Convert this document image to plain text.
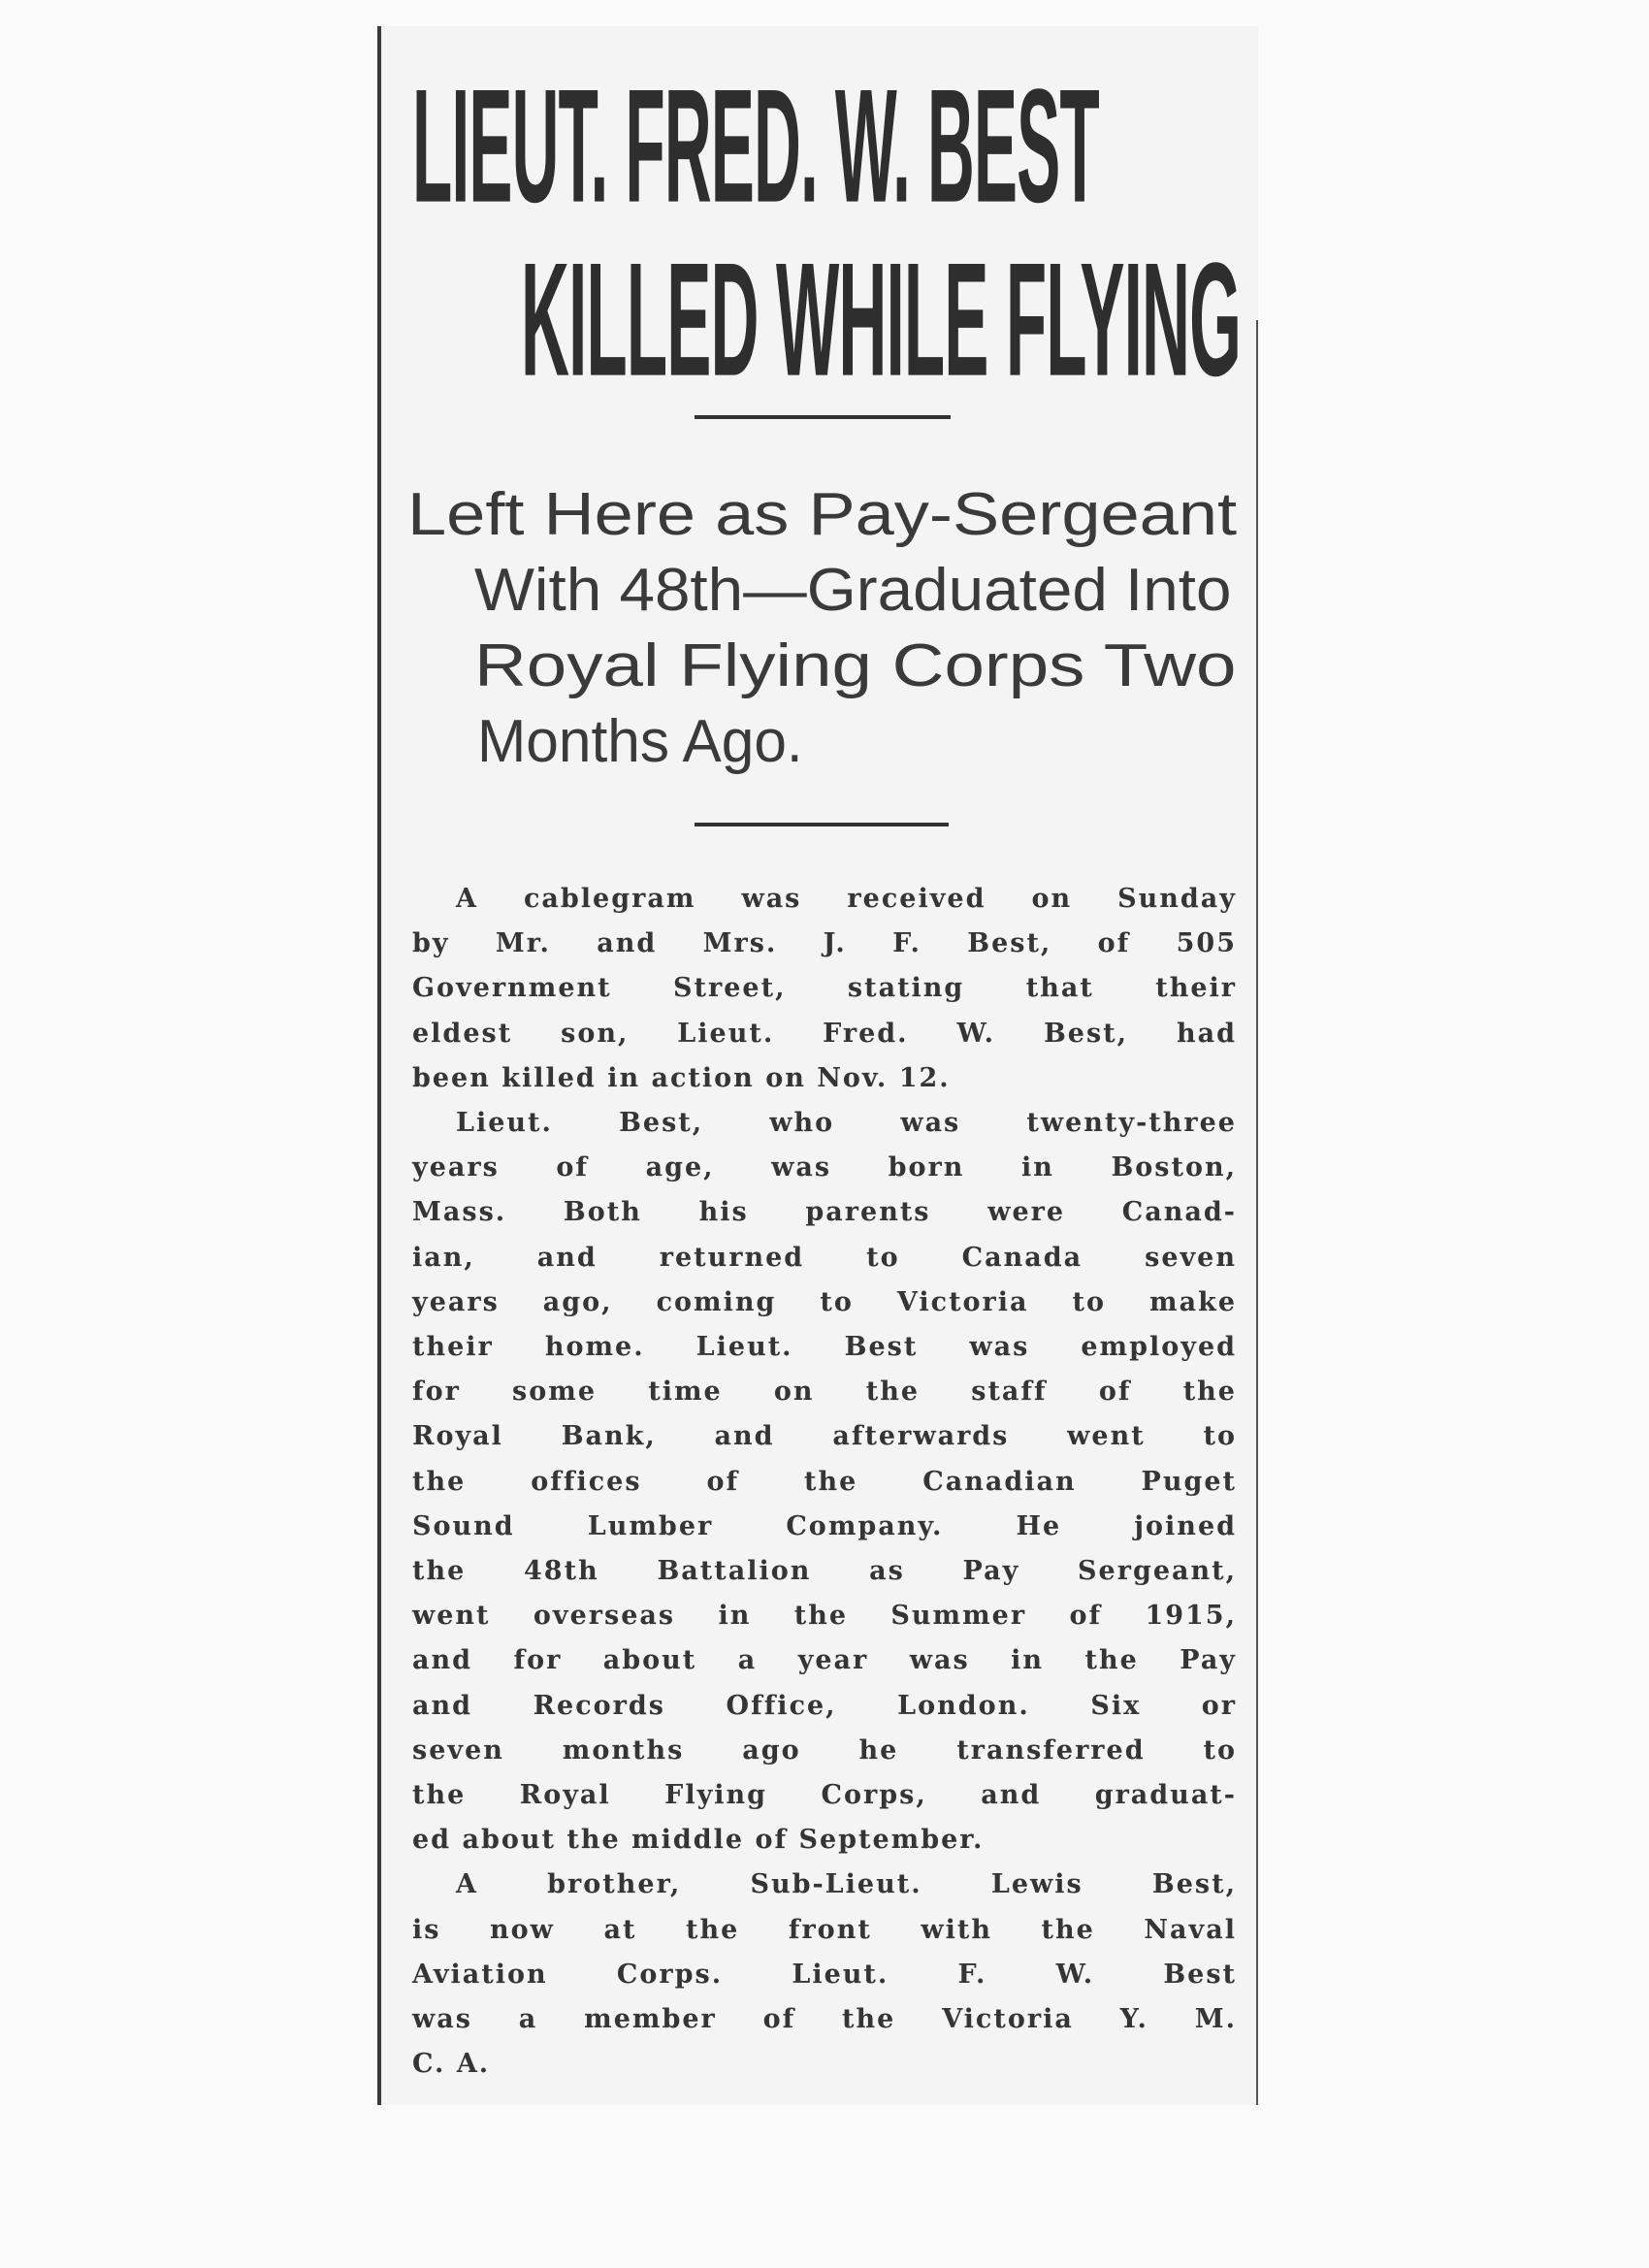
LIEUT. FRED. W. BEST
KILLED WHILE FLYING
Left Here as Pay-Sergeant
With 48th—Graduated Into
Royal Flying Corps Two
Months Ago.
A cablegram was received on Sunday
by Mr. and Mrs. J. F. Best, of 505
Government Street, stating that their
eldest son, Lieut. Fred. W. Best, had
been killed in action on Nov. 12.
Lieut. Best, who was twenty-three
years of age, was born in Boston,
Mass. Both his parents were Canad-
ian, and returned to Canada seven
years ago, coming to Victoria to make
their home. Lieut. Best was employed
for some time on the staff of the
Royal Bank, and afterwards went to
the offices of the Canadian Puget
Sound Lumber Company. He joined
the 48th Battalion as Pay Sergeant,
went overseas in the Summer of 1915,
and for about a year was in the Pay
and Records Office, London. Six or
seven months ago he transferred to
the Royal Flying Corps, and graduat-
ed about the middle of September.
A brother, Sub-Lieut. Lewis Best,
is now at the front with the Naval
Aviation Corps. Lieut. F. W. Best
was a member of the Victoria Y. M.
C. A.
